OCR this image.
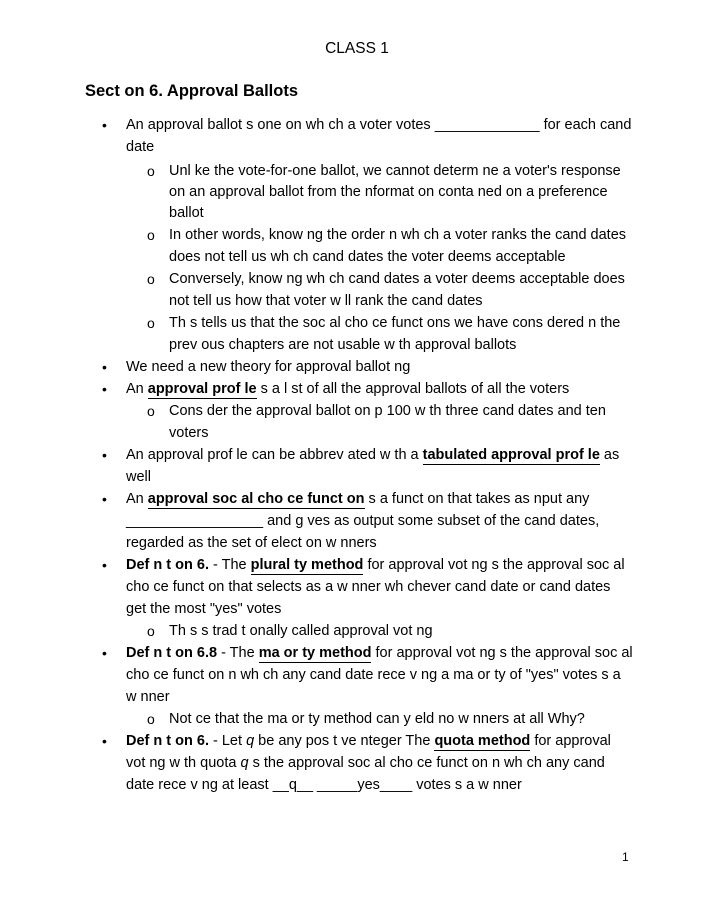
CLASS 1
Sect on 6. Approval Ballots
• An approval ballot s one on wh ch a voter votes _____________ for each cand date
o Unl ke the vote-for-one ballot, we cannot determ ne a voter's response on an approval ballot from the nformat on conta ned on a preference ballot
o In other words, know ng the order n wh ch a voter ranks the cand dates does not tell us wh ch cand dates the voter deems acceptable
o Conversely, know ng wh ch cand dates a voter deems acceptable does not tell us how that voter w ll rank the cand dates
o Th s tells us that the soc al cho ce funct ons we have cons dered n the prev ous chapters are not usable w th approval ballots
• We need a new theory for approval ballot ng
• An approval prof le s a l st of all the approval ballots of all the voters
o Cons der the approval ballot on p 100 w th three cand dates and ten voters
• An approval prof le can be abbrev ated w th a tabulated approval prof le as well
• An approval soc al cho ce funct on s a funct on that takes as nput any _________________ and g ves as output some subset of the cand dates, regarded as the set of elect on w nners
• Def n t on 6. - The plural ty method for approval vot ng s the approval soc al cho ce funct on that selects as a w nner wh chever cand date or cand dates get the most "yes" votes
o Th s s trad t onally called approval vot ng
• Def n t on 6.8 - The ma or ty method for approval vot ng s the approval soc al cho ce funct on n wh ch any cand date rece v ng a ma or ty of "yes" votes s a w nner
o Not ce that the ma or ty method can y eld no w nners at all Why?
• Def n t on 6. - Let q be any pos t ve nteger The quota method for approval vot ng w th quota q s the approval soc al cho ce funct on n wh ch any cand date rece v ng at least __q__ _____yes____ votes s a w nner
1
